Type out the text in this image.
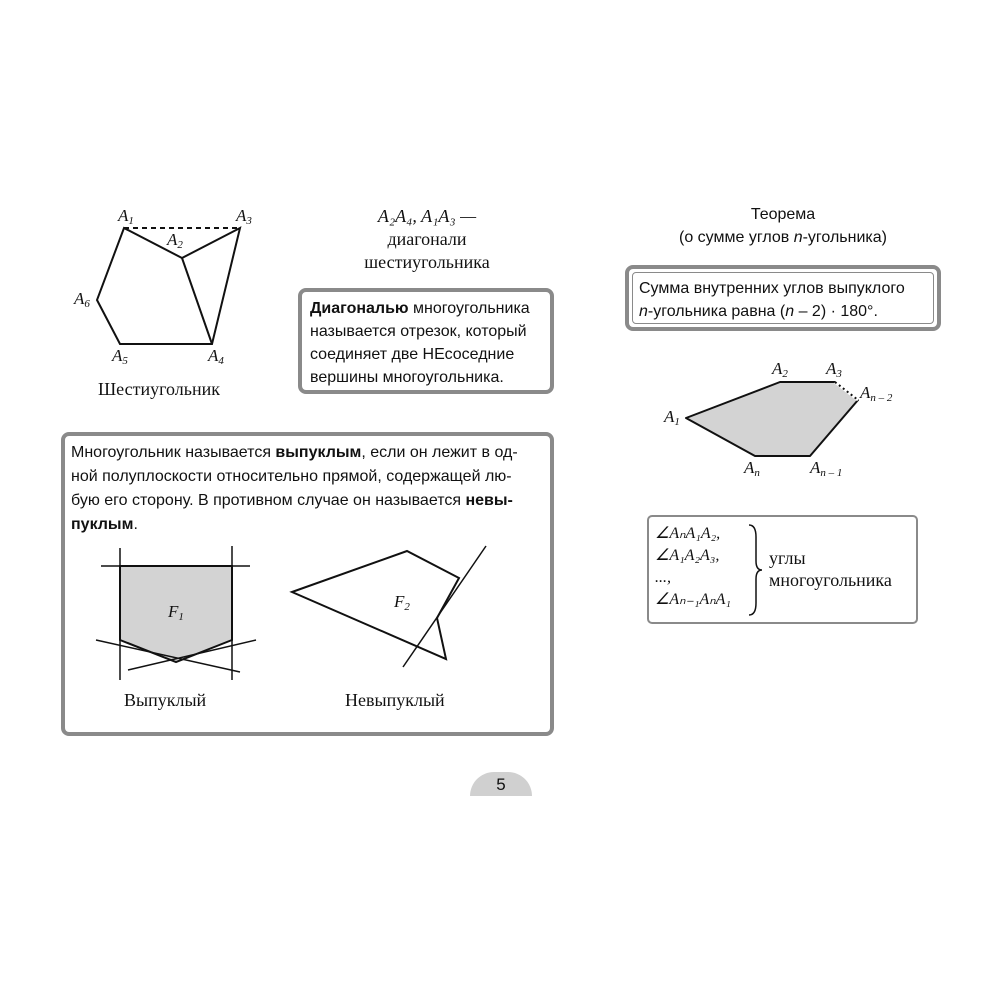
$A_1$
$A_2$
$A_3$
$A_4$
$A_5$
$A_6$
Шестиугольник
A₂A₄, A₁A₃ —
диагонали
шестиугольника
Диагональю многоугольника
называется отрезок, который
соединяет две НЕсоседние
вершины многоугольника.
Теорема
(о сумме углов n-угольника)
Сумма внутренних углов выпуклого
n-угольника равна (n – 2) · 180°.
$A_1$
$A_2$ $A_3$
$A_{n - 2}$
$A_{n - 1}$
$A_n$
∠AₙA₁A₂,
∠A₁A₂A₃,
...,
∠Aₙ₋₁AₙA₁
углы
многоугольника
Многоугольник называется выпуклым, если он лежит в од-
ной полуплоскости относительно прямой, содержащей лю-
бую его сторону. В противном случае он называется невы-
пуклым.
$F_1$
Выпуклый
$F_2$
Невыпуклый
5
